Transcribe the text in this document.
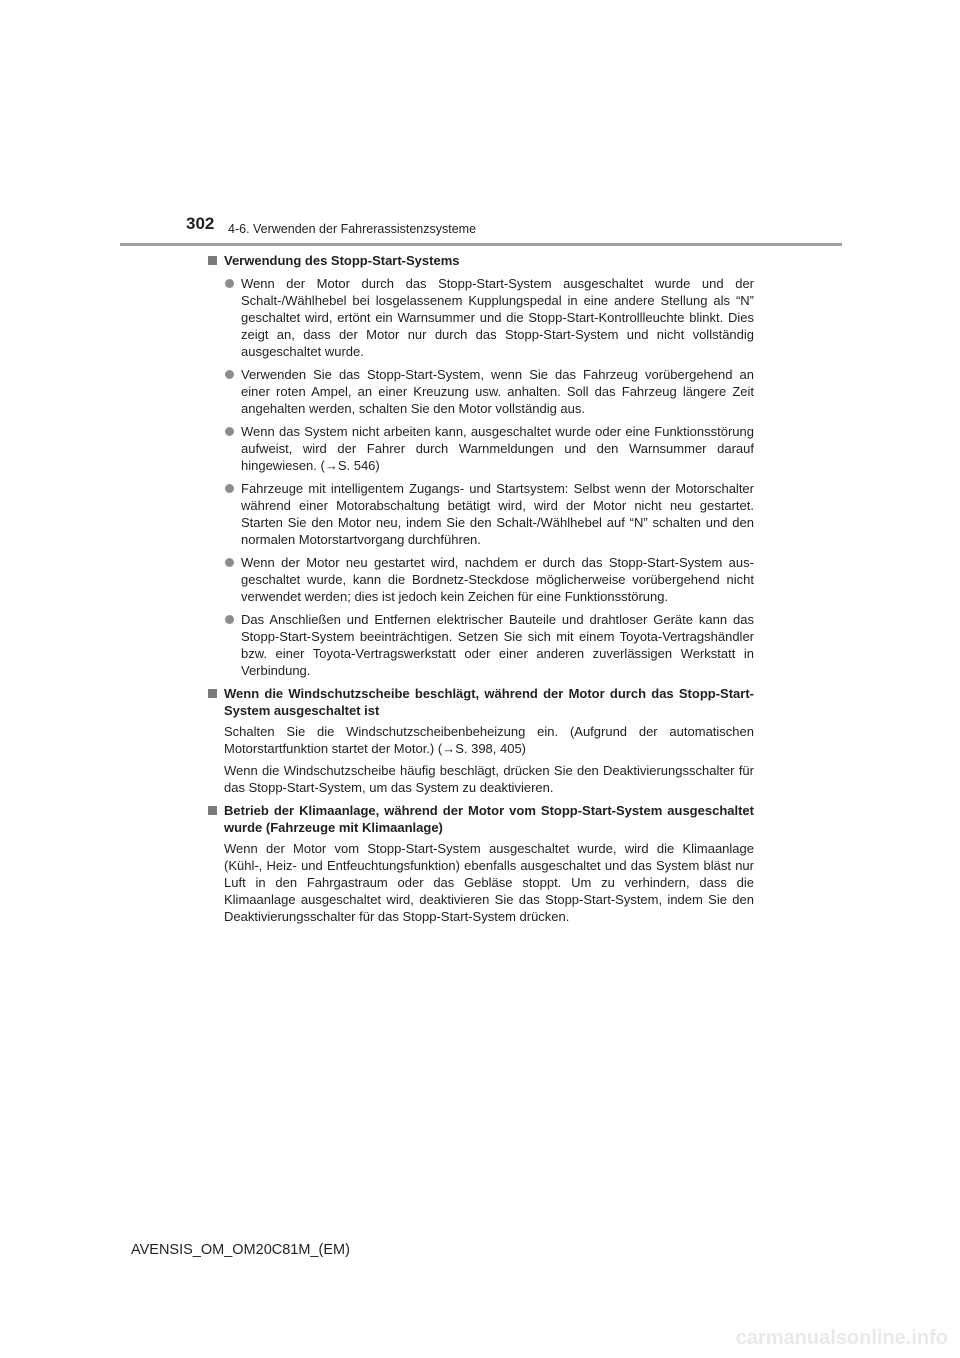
302 4-6. Verwenden der Fahrerassistenzsysteme
Verwendung des Stopp-Start-Systems
Wenn der Motor durch das Stopp-Start-System ausgeschaltet wurde und der Schalt-/Wählhebel bei losgelassenem Kupplungspedal in eine andere Stellung als “N” geschaltet wird, ertönt ein Warnsummer und die Stopp-Start-Kontrollleuchte blinkt. Dies zeigt an, dass der Motor nur durch das Stopp-Start-System und nicht vollständig ausgeschaltet wurde.
Verwenden Sie das Stopp-Start-System, wenn Sie das Fahrzeug vorübergehend an einer roten Ampel, an einer Kreuzung usw. anhalten. Soll das Fahrzeug längere Zeit angehalten werden, schalten Sie den Motor vollständig aus.
Wenn das System nicht arbeiten kann, ausgeschaltet wurde oder eine Funktionsstörung aufweist, wird der Fahrer durch Warnmeldungen und den Warnsummer darauf hingewiesen. (→S. 546)
Fahrzeuge mit intelligentem Zugangs- und Startsystem: Selbst wenn der Motorschalter während einer Motorabschaltung betätigt wird, wird der Motor nicht neu gestartet. Starten Sie den Motor neu, indem Sie den Schalt-/Wählhebel auf “N” schalten und den normalen Motorstartvorgang durchführen.
Wenn der Motor neu gestartet wird, nachdem er durch das Stopp-Start-System ausgeschaltet wurde, kann die Bordnetz-Steckdose möglicherweise vorübergehend nicht verwendet werden; dies ist jedoch kein Zeichen für eine Funktionsstörung.
Das Anschließen und Entfernen elektrischer Bauteile und drahtloser Geräte kann das Stopp-Start-System beeinträchtigen. Setzen Sie sich mit einem Toyota-Vertragshändler bzw. einer Toyota-Vertragswerkstatt oder einer anderen zuverlässigen Werkstatt in Verbindung.
Wenn die Windschutzscheibe beschlägt, während der Motor durch das Stopp-Start-System ausgeschaltet ist
Schalten Sie die Windschutzscheibenbeheizung ein. (Aufgrund der automatischen Motorstartfunktion startet der Motor.) (→S. 398, 405)
Wenn die Windschutzscheibe häufig beschlägt, drücken Sie den Deaktivierungsschalter für das Stopp-Start-System, um das System zu deaktivieren.
Betrieb der Klimaanlage, während der Motor vom Stopp-Start-System ausgeschaltet wurde (Fahrzeuge mit Klimaanlage)
Wenn der Motor vom Stopp-Start-System ausgeschaltet wurde, wird die Klimaanlage (Kühl-, Heiz- und Entfeuchtungsfunktion) ebenfalls ausgeschaltet und das System bläst nur Luft in den Fahrgastraum oder das Gebläse stoppt. Um zu verhindern, dass die Klimaanlage ausgeschaltet wird, deaktivieren Sie das Stopp-Start-System, indem Sie den Deaktivierungsschalter für das Stopp-Start-System drücken.
AVENSIS_OM_OM20C81M_(EM)
carmanualsonline.info
